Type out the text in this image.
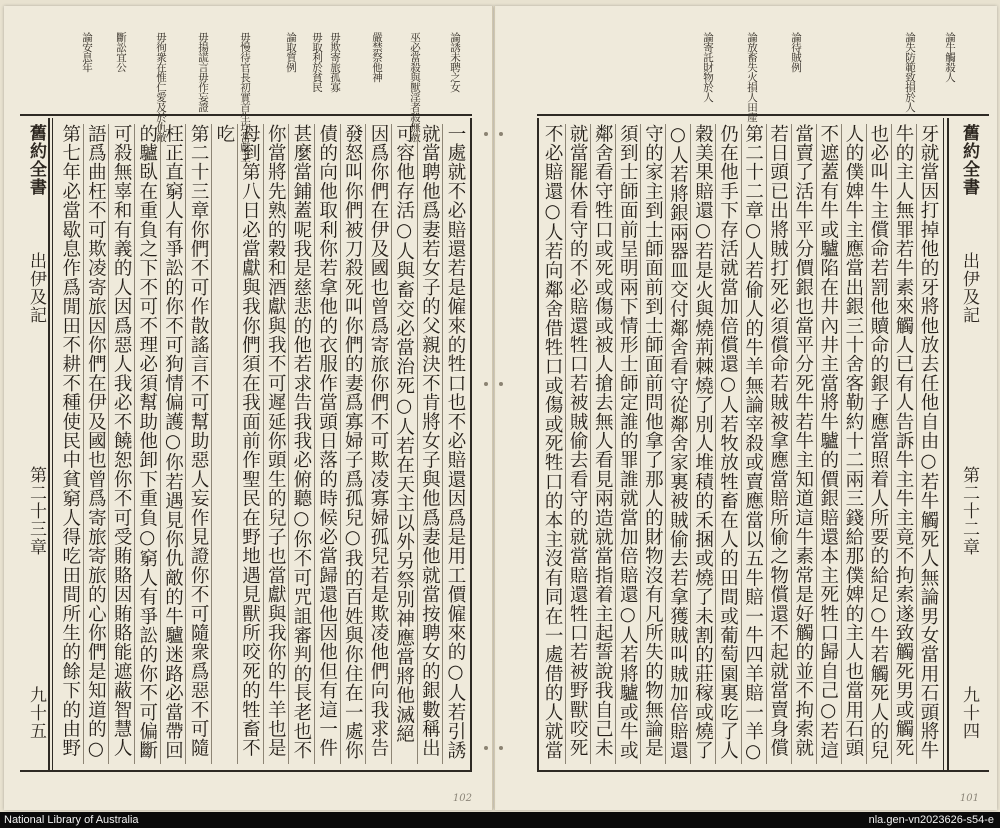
論牛觸殺人
論失防範致損於人
論待賊例
論放畜失火損人田產
論寄託財物於人
舊約全書
出伊及記
第二十二章
九十四
牙就當因打掉他的牙將他放去任他自由○若牛觸死人無論男女當用石頭將牛
牛的主人無罪若牛素來觸人已有人告訴牛主牛主竟不拘索遂致觸死男或觸死
也必叫牛主償命若罰他贖命的銀子應當照着人所要的給足○牛若觸死人的兒
人的僕婢牛主應當出銀三十舍客勒約十二兩三錢給那僕婢的主人也當用石頭
不遮蓋有牛或驢陷在井內井主當將牛驢的價銀賠還本主死牲口歸自己○若這
當賣了活牛平分價銀也當平分死牛若牛主知道這牛素常是好觸的並不拘索就
若日頭已出將賊打死必須償命若賊被拿應當賠所偷之物償還不起就當賣身償
第二十二章○人若偷人的牛羊無論宰殺或賣應當以五牛賠一牛四羊賠一羊○
仍在他手下存活就當加倍償還○人若牧放牲畜在人的田間或葡萄園裏吃了人
穀美果賠還○若是火與燒荊棘燒了別人堆積的禾捆或燒了未割的莊稼或燒了
○人若將銀兩器皿交付鄰舍看守從鄰舍家裏被賊偷去若拿獲賊叫賊加倍賠還
守的家主到士師面前到士師面前問他拿了那人的財物沒有凡所失的物無論是
須到士師面前呈明兩下情形士師定誰的罪誰就當加倍賠還○人若將驢或牛或
鄰舍看守牲口或死或傷或被人搶去無人看見兩造就當指着主起誓說我自己未
就當罷休看守的不必賠還牲口若被賊偷去看守的就當賠還牲口若被野獸咬死
不必賠還○人若向鄰舍借牲口或傷或死牲口的本主沒有同在一處借的人就當
101
論誘未聘之女
巫必當殺與獸淫者殺無赦
嚴禁祭他神
毋欺寄旅孤寡
毋取利於貧民
論取質例
毋慢待官長初實首生均當獻主
毋揚謊言毋作妄證
毋徇衆在惟仁愛及於仇敵
斷訟宜公
論安息年
舊約全書
出伊及記
第二十三章
九十五
一處就不必賠還若是僱來的牲口也不必賠還因爲是用工價僱來的○人若引誘
就當聘他爲妻若女子的父親決不肯將女子與他爲妻他就當按聘女的銀數稱出
可容他存活○人與畜交必當治死○人若在天主以外另祭別神應當將他滅絕
因爲你們在伊及國也曾爲寄旅你們不可欺凌寡婦孤兒若是欺凌他們向我求告
發怒叫你們被刀殺死叫你們的妻爲寡婦子爲孤兒○我的百姓與你住在一處你
債的向他取利你若拿他的衣服作當頭日落的時候必當歸還他因他但有這一件
甚麼當鋪蓋呢我是慈悲的他若求告我我必俯聽○你不可咒詛審判的長老也不
你當將先熟的穀和酒獻與我不可遲延你頭生的兒子也當獻與我你的牛羊也是
母到第八日必當獻與我你們須在我面前作聖民在野地遇見獸所咬死的牲畜不
吃
第二十三章你們不可作散謠言不可幫助惡人妄作見證你不可隨衆爲惡不可隨
枉正直窮人有爭訟的你不可狗情偏護○你若遇見你仇敵的牛驢迷路必當帶回
的驢臥在重負之下不可不理必須幫助他卸下重負○窮人有爭訟的你不可偏斷
可殺無辜和有義的人因爲惡人我必不饒恕你不可受賄賂因賄賂能遮蔽智慧人
語爲曲枉不可欺凌寄旅因你們在伊及國也曾爲寄旅寄旅的心你們是知道的○
第七年必當歇息作爲閒田不耕不種使民中貧窮人得吃田間所生的餘下的由野
102
National Library of Australia	nla.gen-vn2023626-s54-e
